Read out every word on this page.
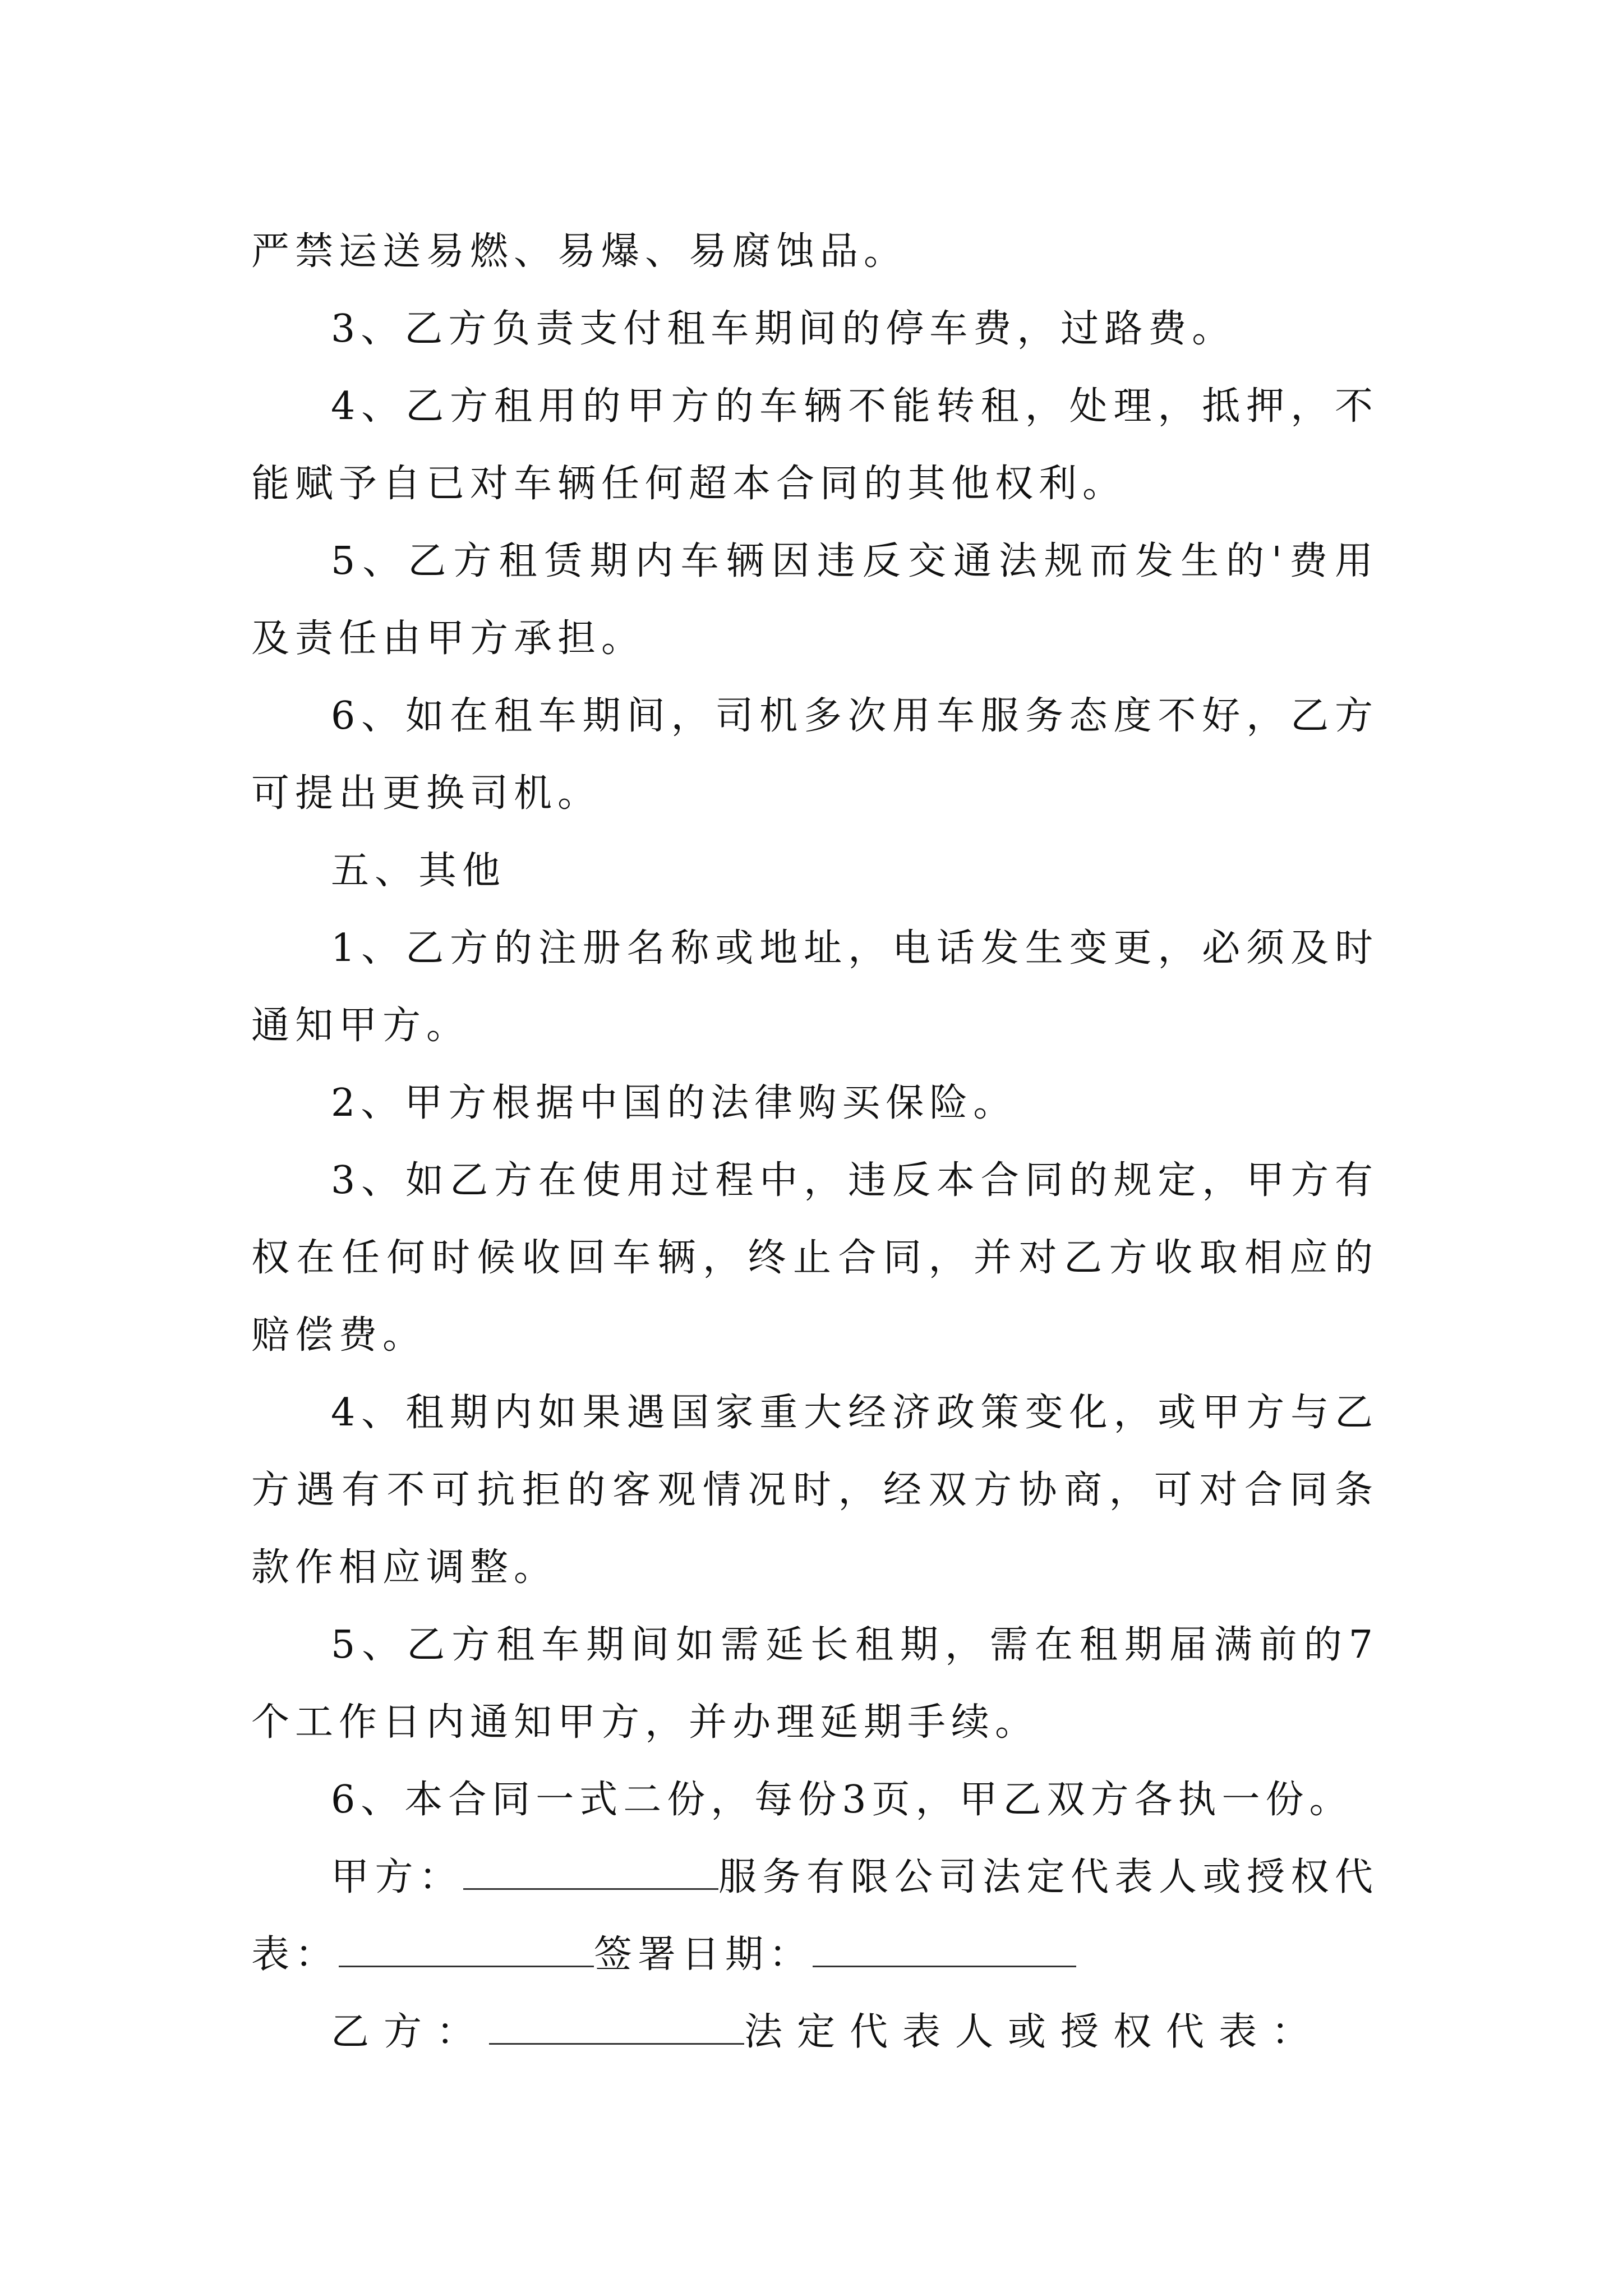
严禁运送易燃、易爆、易腐蚀品。

3、乙方负责支付租车期间的停车费，过路费。

4、乙方租用的甲方的车辆不能转租，处理，抵押，不能赋予自已对车辆任何超本合同的其他权利。

5、乙方租赁期内车辆因违反交通法规而发生的'费用及责任由甲方承担。

6、如在租车期间，司机多次用车服务态度不好，乙方可提出更换司机。

五、其他

1、乙方的注册名称或地址，电话发生变更，必须及时通知甲方。

2、甲方根据中国的法律购买保险。

3、如乙方在使用过程中，违反本合同的规定，甲方有权在任何时候收回车辆，终止合同，并对乙方收取相应的赔偿费。

4、租期内如果遇国家重大经济政策变化，或甲方与乙方遇有不可抗拒的客观情况时，经双方协商，可对合同条款作相应调整。

5、乙方租车期间如需延长租期，需在租期届满前的7个工作日内通知甲方，并办理延期手续。

6、本合同一式二份，每份3页，甲乙双方各执一份。

甲方：	服务有限公司法定代表人或授权代表：	签署日期：

乙方：	法定代表人或授权代表：
